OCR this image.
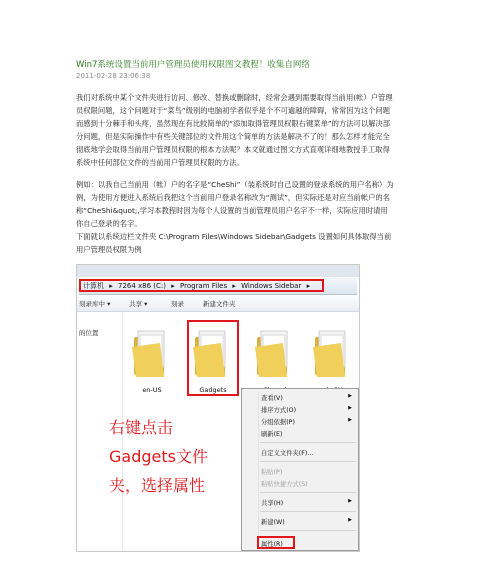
Win7系统设置当前用户管理员使用权限图文教程！收集自网络
2011-02-28 23:06:38

我们对系统中某个文件夹进行访问、修改、替换或删除时，经常会遇到需要取得当前用(帐）户管理员权限问题，这个问题对于“菜鸟”级别的电脑初学者似乎是个不可逾越的障碍，常常因为这个问题而感到十分棘手和头疼，虽然现在有比较简单的“添加取得管理员权限右键菜单”的方法可以解决部分问题，但是实际操作中有些关键部位的文件用这个简单的方法是解决不了的！那么怎样才能完全彻底地学会取得当前用户管理员权限的根本方法呢？本文就通过图文方式直观详细地教授手工取得系统中任何部位文件的当前用户管理员权限的方法。

例如：以我自己当前用（帐）户的名字是“CheShi”（装系统时自己设置的登录系统的用户名称）为例，为使用方便进入系统后我把这个当前用户登录名称改为“测试”，但实际还是对应当前帐户的名称“CheShi&quot;,学习本教程时因为每个人设置的当前管理员用户名字不一样，实际应用时请用你自己登录的名字。

下面就以系统边栏文件夹 C:\Program Files\Windows Sidebar\Gadgets 设置如何具体取得当前用户管理员权限为例

计算机 ▸ 7264 x86 (C:) ▸ Program Files ▸ Windows Sidebar ▸
刻录库中 ▾	共享 ▾	刻录	新建文件夹
的位置
en-US	Gadgets
右键点击Gadgets文件夹，选择属性
查看(V)	▶
排序方式(O)	▶
分组依据(P)	▶
刷新(E)
自定义文件夹(F)...
粘贴(P)
粘贴快捷方式(S)
共享(H)	▶
新建(W)	▶
属性(R)
